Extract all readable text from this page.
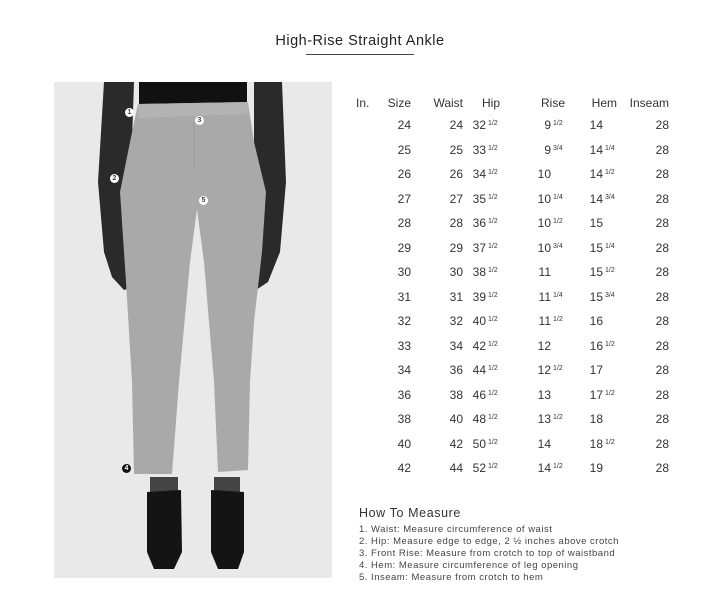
High-Rise Straight Ankle
1
2
3
4
5
In.	Size	Waist	Hip	Rise	Hem	Inseam
	24	24	32 1/2	9 1/2	14	28
	25	25	33 1/2	9 3/4	14 1/4	28
	26	26	34 1/2	10	14 1/2	28
	27	27	35 1/2	10 1/4	14 3/4	28
	28	28	36 1/2	10 1/2	15	28
	29	29	37 1/2	10 3/4	15 1/4	28
	30	30	38 1/2	11	15 1/2	28
	31	31	39 1/2	11 1/4	15 3/4	28
	32	32	40 1/2	11 1/2	16	28
	33	34	42 1/2	12	16 1/2	28
	34	36	44 1/2	12 1/2	17	28
	36	38	46 1/2	13	17 1/2	28
	38	40	48 1/2	13 1/2	18	28
	40	42	50 1/2	14	18 1/2	28
	42	44	52 1/2	14 1/2	19	28
How To Measure
1. Waist: Measure circumference of waist
2. Hip: Measure edge to edge, 2 ½ inches above crotch
3. Front Rise: Measure from crotch to top of waistband
4. Hem: Measure circumference of leg opening
5. Inseam: Measure from crotch to hem
